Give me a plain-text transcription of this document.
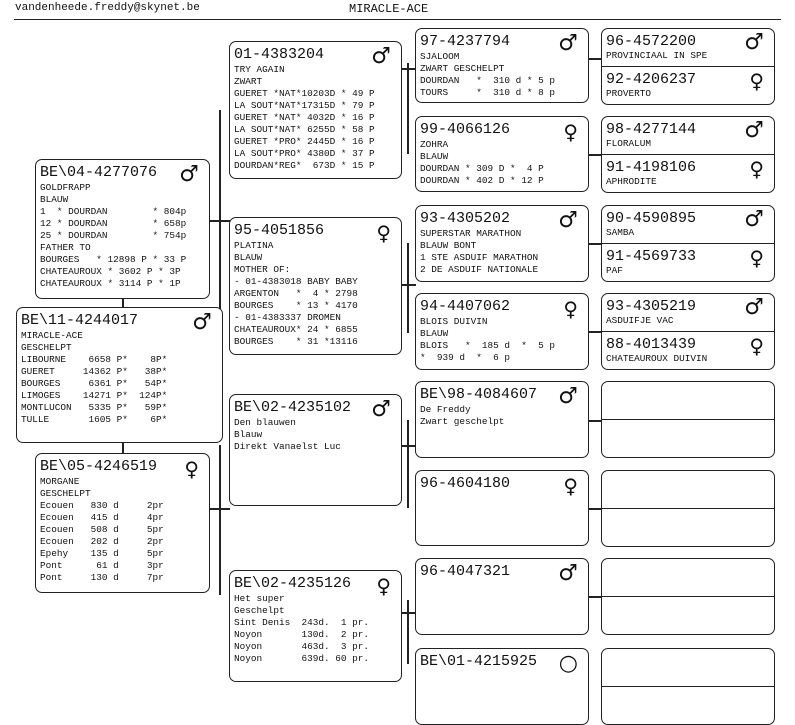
vandenheede.freddy@skynet.be	MIRACLE-ACE
BE\04-4277076 ♂
GOLDFRAPP
BLAUW
1  * DOURDAN        * 804p
12 * DOURDAN        * 658p
25 * DOURDAN        * 754p
FATHER TO
BOURGES   * 12898 P * 33 P
CHATEAUROUX * 3602 P * 3P
CHATEAUROUX * 3114 P * 1P
BE\11-4244017 ♂
MIRACLE-ACE
GESCHELPT
LIBOURNE    6658 P*    8P*
GUERET     14362 P*   38P*
BOURGES     6361 P*   54P*
LIMOGES    14271 P*  124P*
MONTLUCON   5335 P*   59P*
TULLE       1605 P*    6P*
BE\05-4246519 ♀
MORGANE
GESCHELPT
Ecouen   830 d     2pr
Ecouen   415 d     4pr
Ecouen   508 d     5pr
Ecouen   202 d     2pr
Epehy    135 d     5pr
Pont      61 d     3pr
Pont     130 d     7pr
01-4383204 ♂
TRY AGAIN
ZWART
GUERET *NAT*10203D * 49 P
LA SOUT*NAT*17315D * 79 P
GUERET *NAT* 4032D * 16 P
LA SOUT*NAT* 6255D * 58 P
GUERET *PRO* 2445D * 16 P
LA SOUT*PRO* 4380D * 37 P
DOURDAN*REG*  673D * 15 P
95-4051856	♀
PLATINA
BLAUW
MOTHER OF:
- 01-4383018 BABY BABY
ARGENTON   *  4 * 2798
BOURGES    * 13 * 4170
- 01-4383337 DROMEN
CHATEAUROUX* 24 * 6855
BOURGES    * 31 *13116
BE\02-4235102 ♂
Den blauwen
Blauw
Direkt Vanaelst Luc
BE\02-4235126 ♀
Het super
Geschelpt
Sint Denis  243d.  1 pr.
Noyon       130d.  2 pr.
Noyon       463d.  3 pr.
Noyon       639d. 60 pr.
97-4237794 ♂
SJALOOM
ZWART GESCHELPT
DOURDAN   *  310 d * 5 p
TOURS     *  310 d * 8 p
99-4066126	♀
ZOHRA
BLAUW
DOURDAN * 309 D *  4 P
DOURDAN * 402 D * 12 P
93-4305202 ♂
SUPERSTAR MARATHON
BLAUW BONT
1 STE ASDUIF MARATHON
2 DE ASDUIF NATIONALE
94-4407062	♀
BLOIS DUIVIN
BLAUW
BLOIS   *  185 d  *  5 p
*  939 d  *  6 p
BE\98-4084607 ♂
De Freddy
Zwart geschelpt
96-4604180	♀
96-4047321 ♂
BE\01-4215925 ○
96-4572200 ♂
PROVINCIAAL IN SPE
92-4206237	♀
PROVERTO
98-4277144 ♂
FLORALUM
91-4198106	♀
APHRODITE
90-4590895 ♂
SAMBA
91-4569733	♀
PAF
93-4305219 ♂
ASDUIFJE VAC
88-4013439	♀
CHATEAUROUX DUIVIN
